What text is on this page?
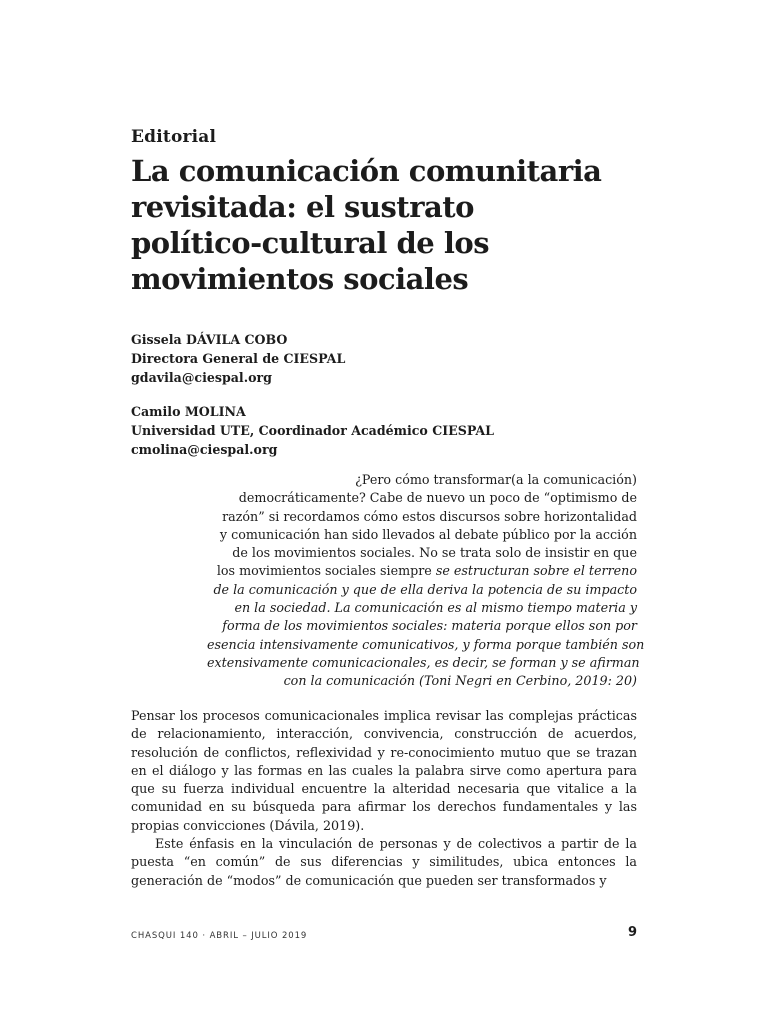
Editorial
La comunicación comunitaria
revisitada: el sustrato
político-cultural de los
movimientos sociales
Gissela DÁVILA COBO
Directora General de CIESPAL
gdavila@ciespal.org
Camilo MOLINA
Universidad UTE, Coordinador Académico CIESPAL
cmolina@ciespal.org
¿Pero cómo transformar(a la comunicación)
democráticamente? Cabe de nuevo un poco de “optimismo de
razón” si recordamos cómo estos discursos sobre horizontalidad
y comunicación han sido llevados al debate público por la acción
de los movimientos sociales. No se trata solo de insistir en que
los movimientos sociales siempre se estructuran sobre el terreno
de la comunicación y que de ella deriva la potencia de su impacto
en la sociedad. La comunicación es al mismo tiempo materia y
forma de los movimientos sociales: materia porque ellos son por
esencia intensivamente comunicativos, y forma porque también son
extensivamente comunicacionales, es decir, se forman y se afirman
con la comunicación (Toni Negri en Cerbino, 2019: 20)

Pensar los procesos comunicacionales implica revisar las complejas prácticas de relacionamiento, interacción, convivencia, construcción de acuerdos, resolución de conflictos, reflexividad y re-conocimiento mutuo que se trazan en el diálogo y las formas en las cuales la palabra sirve como apertura para que su fuerza individual encuentre la alteridad necesaria que vitalice a la comunidad en su búsqueda para afirmar los derechos fundamentales y las propias convicciones (Dávila, 2019).

Este énfasis en la vinculación de personas y de colectivos a partir de la puesta “en común” de sus diferencias y similitudes, ubica entonces la generación de “modos” de comunicación que pueden ser transformados y

CHASQUI 140 · ABRIL – JULIO 2019	9
